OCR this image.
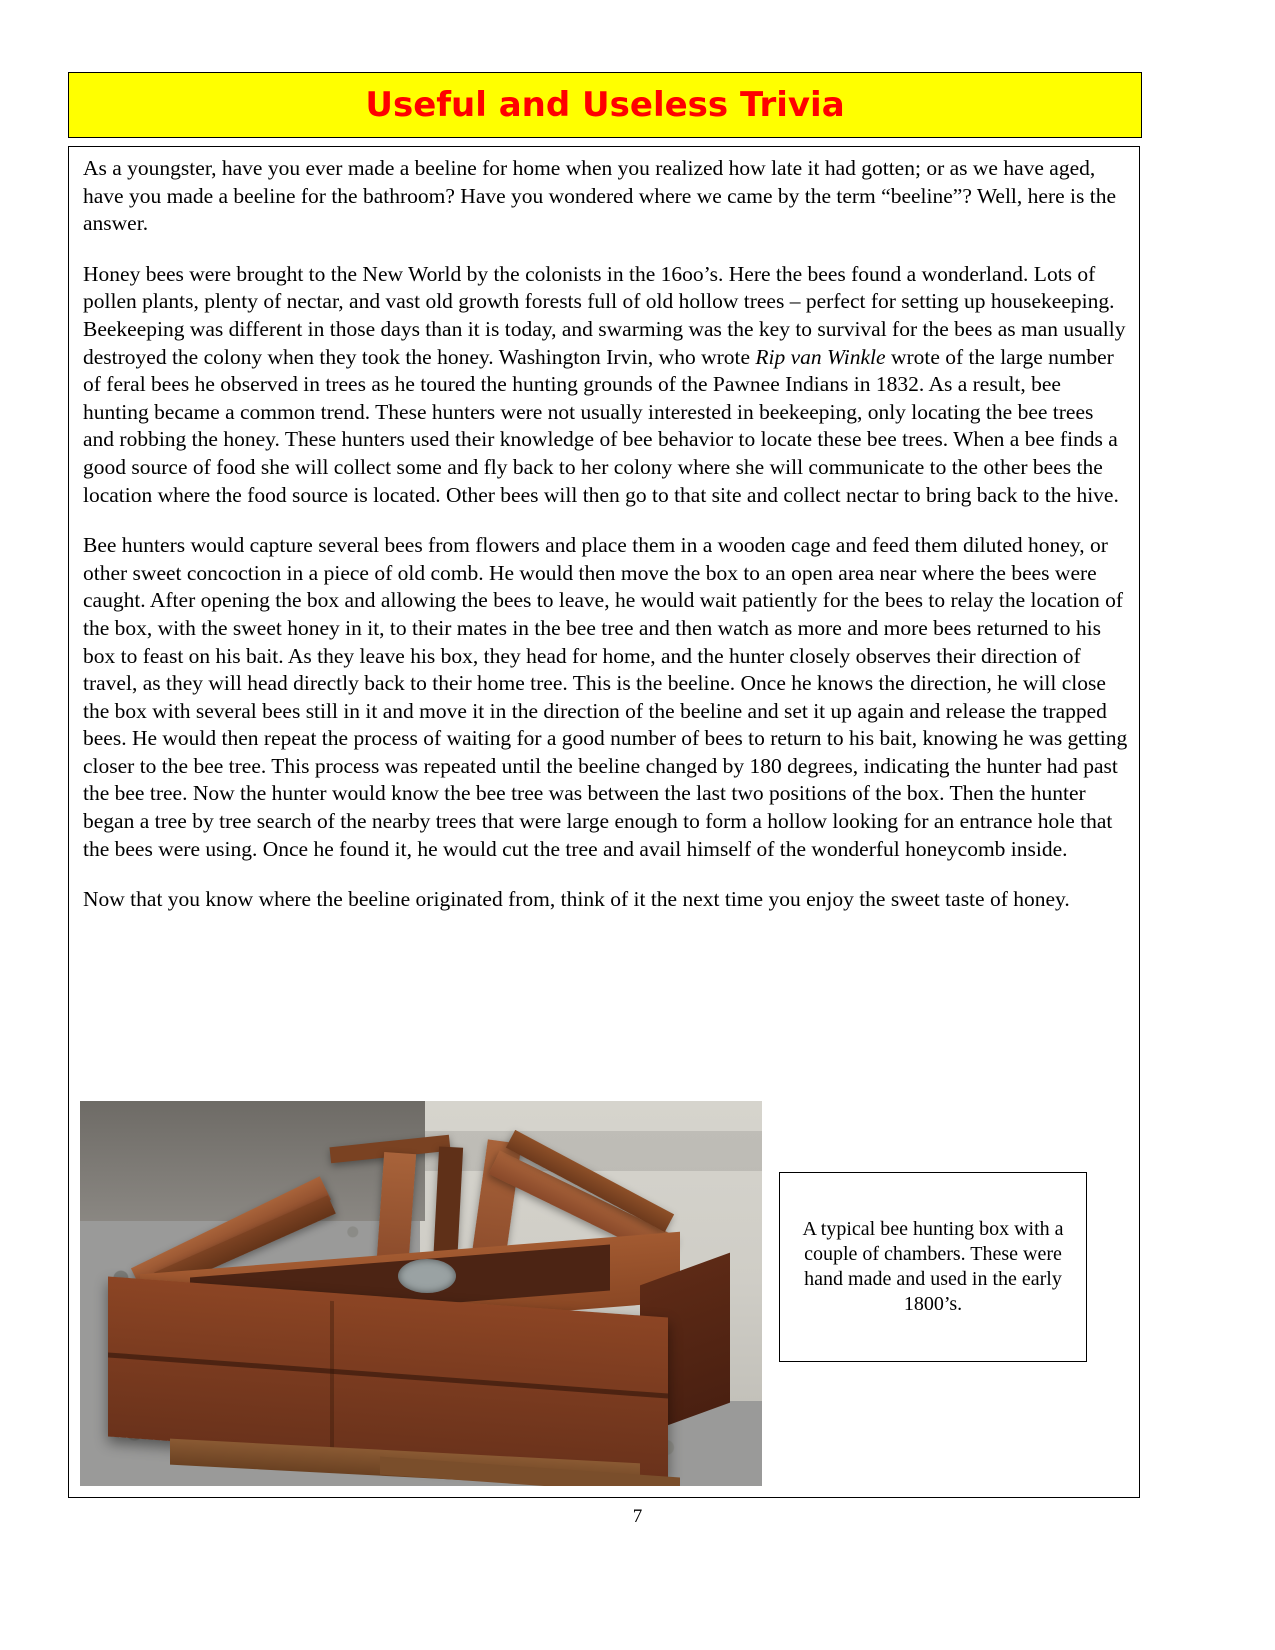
Useful and Useless Trivia

As a youngster, have you ever made a beeline for home when you realized how late it had gotten; or as we have aged, have you made a beeline for the bathroom? Have you wondered where we came by the term “beeline”? Well, here is the answer.

Honey bees were brought to the New World by the colonists in the 16oo’s. Here the bees found a wonderland. Lots of pollen plants, plenty of nectar, and vast old growth forests full of old hollow trees – perfect for setting up housekeeping. Beekeeping was different in those days than it is today, and swarming was the key to survival for the bees as man usually destroyed the colony when they took the honey. Washington Irvin, who wrote Rip van Winkle wrote of the large number of feral bees he observed in trees as he toured the hunting grounds of the Pawnee Indians in 1832. As a result, bee hunting became a common trend. These hunters were not usually interested in beekeeping, only locating the bee trees and robbing the honey. These hunters used their knowledge of bee behavior to locate these bee trees. When a bee finds a good source of food she will collect some and fly back to her colony where she will communicate to the other bees the location where the food source is located. Other bees will then go to that site and collect nectar to bring back to the hive.

Bee hunters would capture several bees from flowers and place them in a wooden cage and feed them diluted honey, or other sweet concoction in a piece of old comb. He would then move the box to an open area near where the bees were caught. After opening the box and allowing the bees to leave, he would wait patiently for the bees to relay the location of the box, with the sweet honey in it, to their mates in the bee tree and then watch as more and more bees returned to his box to feast on his bait. As they leave his box, they head for home, and the hunter closely observes their direction of travel, as they will head directly back to their home tree. This is the beeline. Once he knows the direction, he will close the box with several bees still in it and move it in the direction of the beeline and set it up again and release the trapped bees. He would then repeat the process of waiting for a good number of bees to return to his bait, knowing he was getting closer to the bee tree. This process was repeated until the beeline changed by 180 degrees, indicating the hunter had past the bee tree. Now the hunter would know the bee tree was between the last two positions of the box. Then the hunter began a tree by tree search of the nearby trees that were large enough to form a hollow looking for an entrance hole that the bees were using. Once he found it, he would cut the tree and avail himself of the wonderful honeycomb inside.

Now that you know where the beeline originated from, think of it the next time you enjoy the sweet taste of honey.

A typical bee hunting box with a couple of chambers. These were hand made and used in the early 1800’s.
7
